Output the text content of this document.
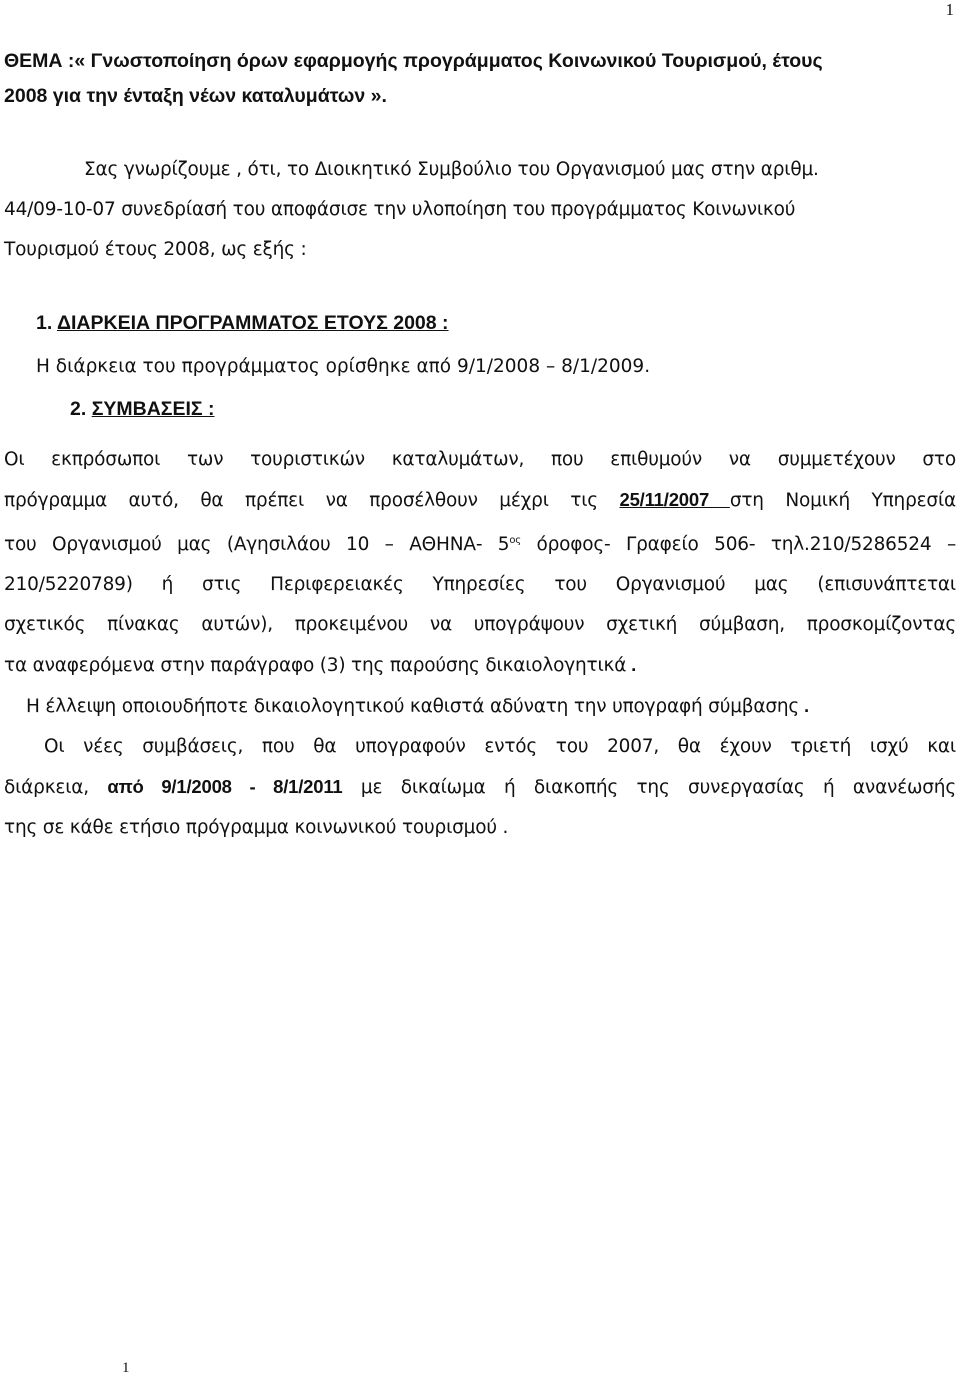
1
ΘΕΜΑ :« Γνωστοποίηση όρων εφαρμογής προγράμματος Κοινωνικού Τουρισμού, έτους
2008 για την ένταξη νέων καταλυμάτων ».
Σας γνωρίζουμε , ότι, το Διοικητικό Συμβούλιο του Οργανισμού μας στην αριθμ.
44/09-10-07 συνεδρίασή του αποφάσισε την υλοποίηση του προγράμματος Κοινωνικού
Τουρισμού έτους 2008, ως εξής :
1. ΔΙΑΡΚΕΙΑ ΠΡΟΓΡΑΜΜΑΤΟΣ ΕΤΟΥΣ 2008 :
Η διάρκεια του προγράμματος ορίσθηκε από 9/1/2008 – 8/1/2009.
2. ΣΥΜΒΑΣΕΙΣ :
Οι εκπρόσωποι των τουριστικών καταλυμάτων, που επιθυμούν να συμμετέχουν στο
πρόγραμμα αυτό, θα πρέπει να προσέλθουν μέχρι τις 25/11/2007 στη Νομική Υπηρεσία
του Οργανισμού μας (Αγησιλάου 10 – ΑΘΗΝΑ- $5^{o\varsigma}$ όροφος- Γραφείο 506- τηλ.210/5286524 –
210/5220789) ή στις Περιφερειακές Υπηρεσίες του Οργανισμού μας (επισυνάπτεται
σχετικός πίνακας αυτών), προκειμένου να υπογράψουν σχετική σύμβαση, προσκομίζοντας
τα αναφερόμενα στην παράγραφο (3) της παρούσης δικαιολογητικά .
Η έλλειψη οποιουδήποτε δικαιολογητικού καθιστά αδύνατη την υπογραφή σύμβασης .
Οι νέες συμβάσεις, που θα υπογραφούν εντός του 2007, θα έχουν τριετή ισχύ και
διάρκεια, από 9/1/2008 - 8/1/2011 με δικαίωμα ή διακοπής της συνεργασίας ή ανανέωσής
της σε κάθε ετήσιο πρόγραμμα κοινωνικού τουρισμού .
1
